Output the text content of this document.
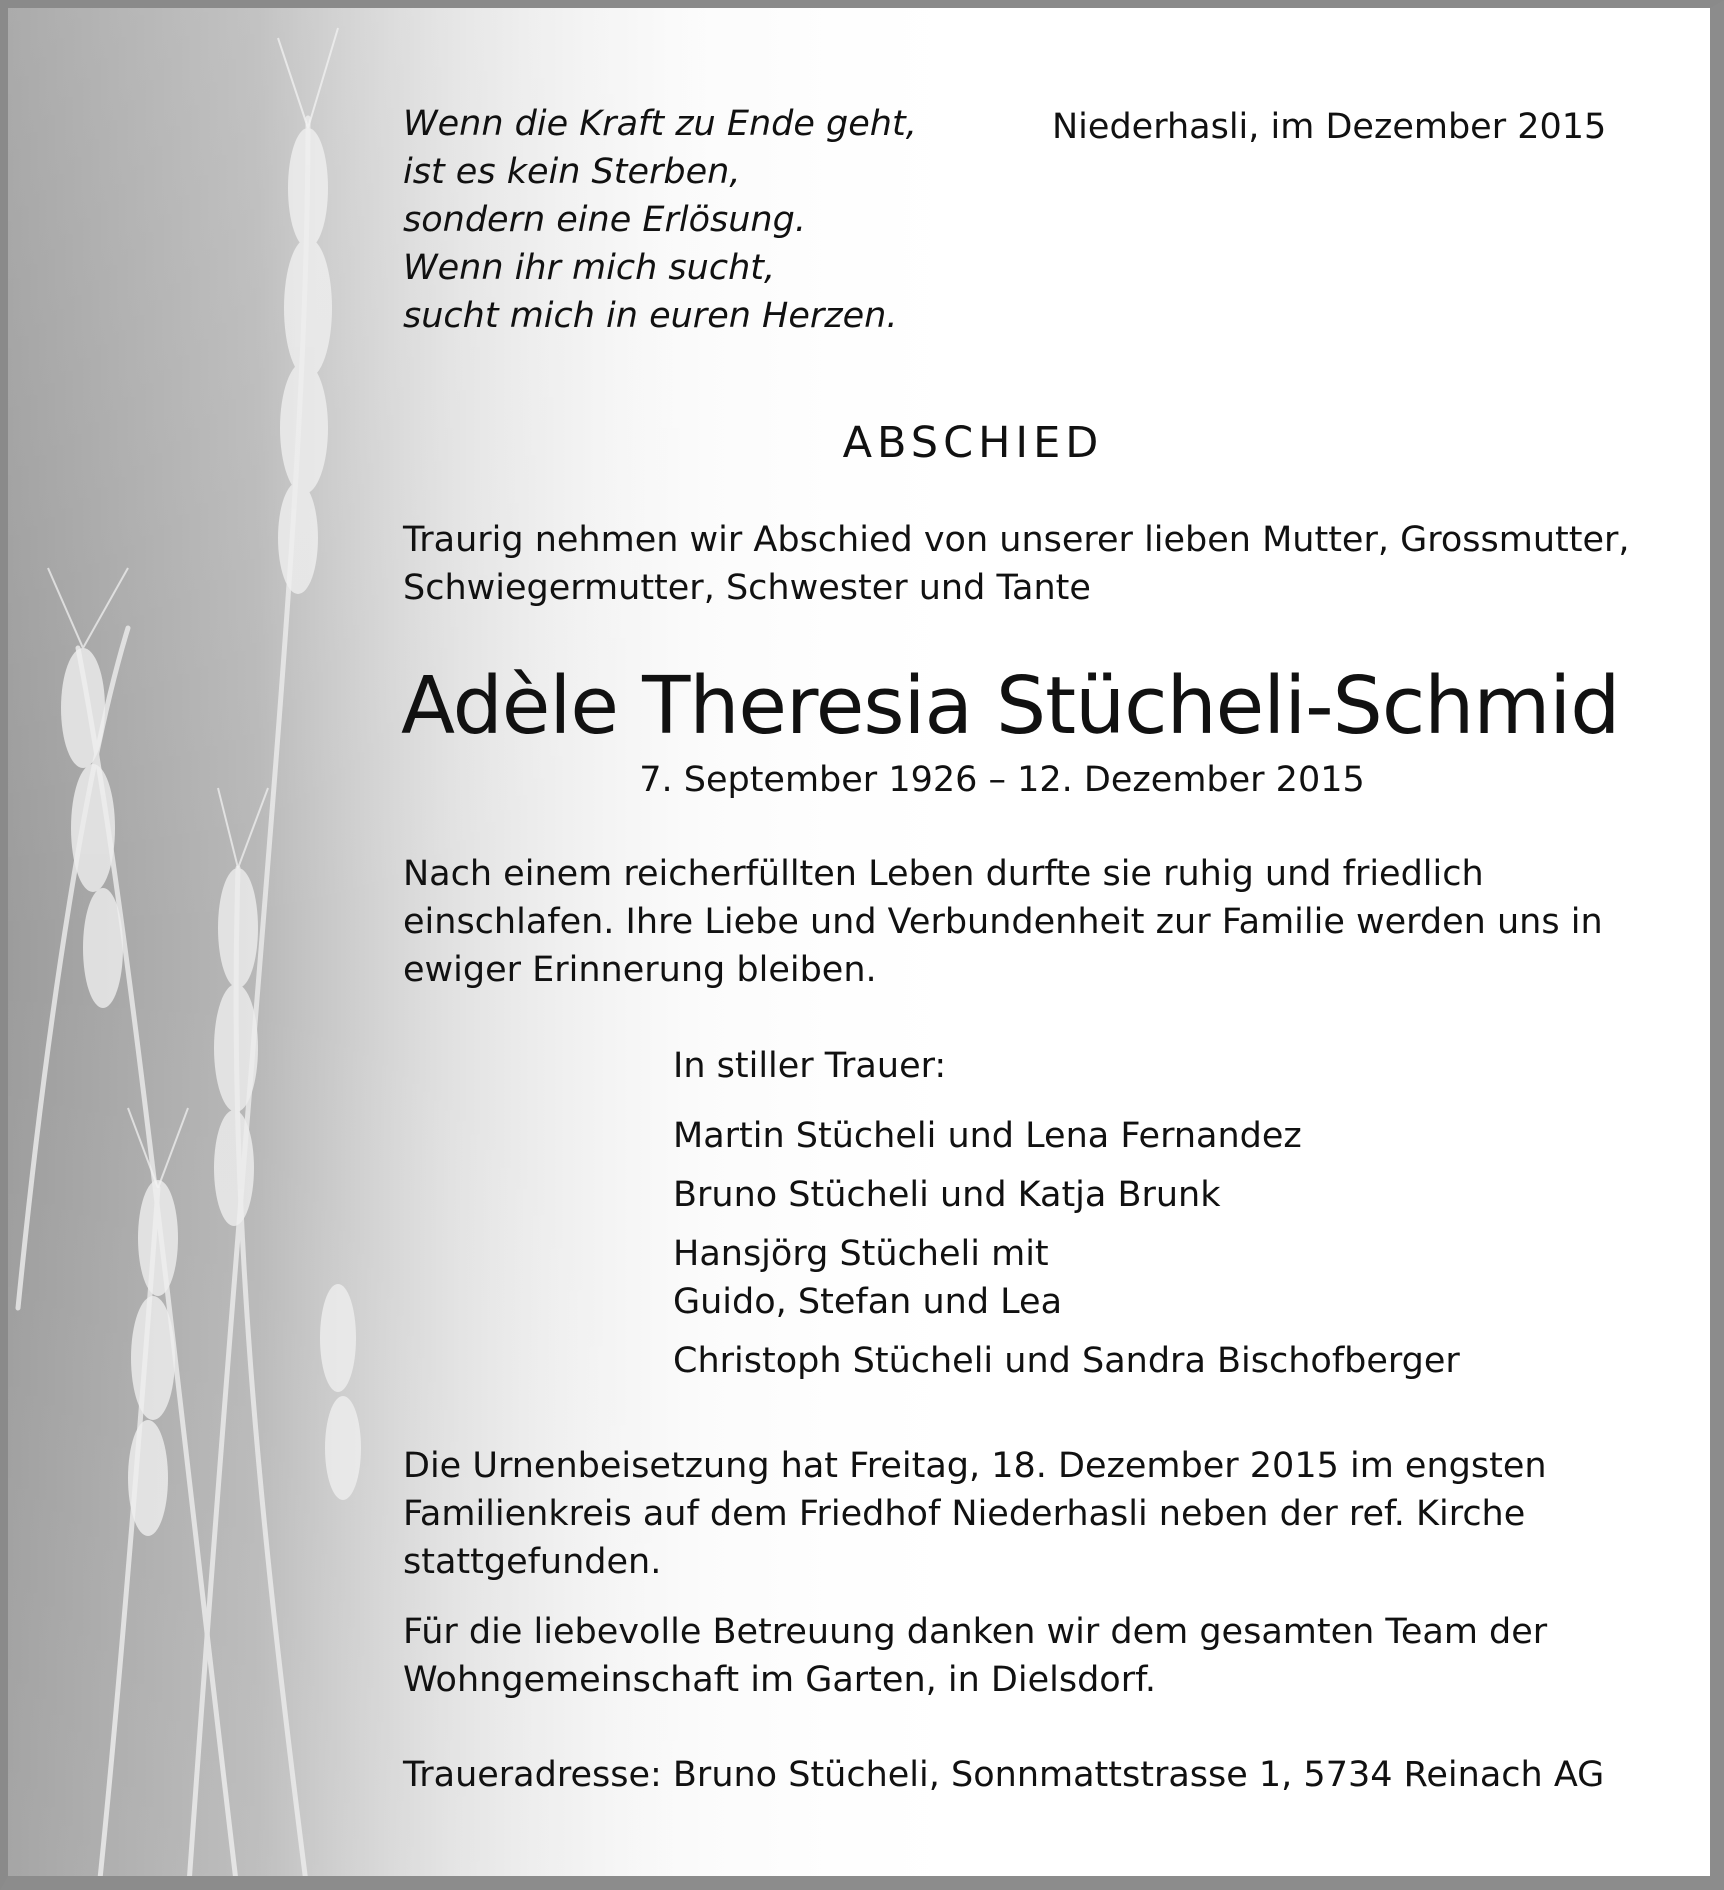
Wenn die Kraft zu Ende geht,
ist es kein Sterben,
sondern eine Erlösung.
Wenn ihr mich sucht,
sucht mich in euren Herzen.
Niederhasli, im Dezember 2015
ABSCHIED
Traurig nehmen wir Abschied von unserer lieben Mutter, Grossmutter,
Schwiegermutter, Schwester und Tante
Adèle Theresia Stücheli-Schmid
7. September 1926 – 12. Dezember 2015
Nach einem reicherfüllten Leben durfte sie ruhig und friedlich
einschlafen. Ihre Liebe und Verbundenheit zur Familie werden uns in
ewiger Erinnerung bleiben.
In stiller Trauer:
Martin Stücheli und Lena Fernandez
Bruno Stücheli und Katja Brunk
Hansjörg Stücheli mit
Guido, Stefan und Lea
Christoph Stücheli und Sandra Bischofberger
Die Urnenbeisetzung hat Freitag, 18. Dezember 2015 im engsten
Familienkreis auf dem Friedhof Niederhasli neben der ref. Kirche
stattgefunden.
Für die liebevolle Betreuung danken wir dem gesamten Team der
Wohngemeinschaft im Garten, in Dielsdorf.
Traueradresse: Bruno Stücheli, Sonnmattstrasse 1, 5734 Reinach AG
